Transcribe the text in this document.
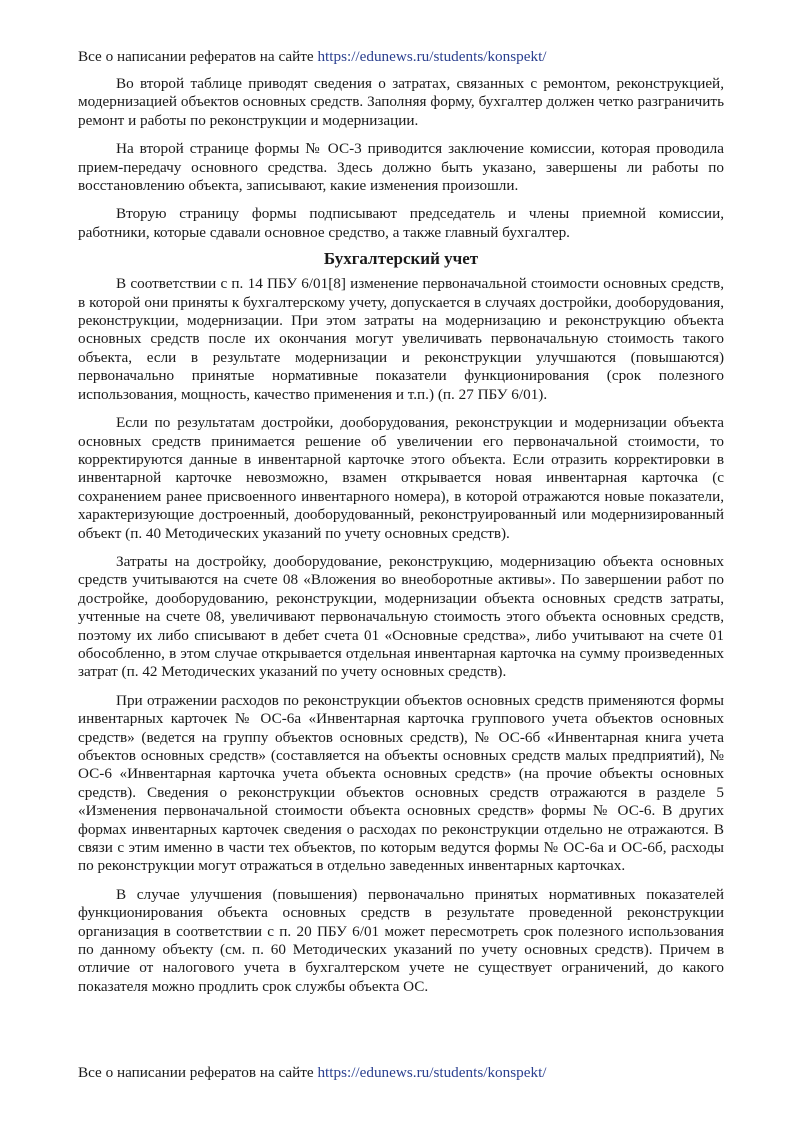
Все о написании рефератов на сайте https://edunews.ru/students/konspekt/

Во второй таблице приводят сведения о затратах, связанных с ремонтом, реконструкцией, модернизацией объектов основных средств. Заполняя форму, бухгалтер должен четко разграничить ремонт и работы по реконструкции и модернизации.

На второй странице формы № ОС-3 приводится заключение комиссии, которая проводила прием-передачу основного средства. Здесь должно быть указано, завершены ли работы по восстановлению объекта, записывают, какие изменения произошли.

Вторую страницу формы подписывают председатель и члены приемной комиссии, работники, которые сдавали основное средство, а также главный бухгалтер.

Бухгалтерский учет

В соответствии с п. 14 ПБУ 6/01[8] изменение первоначальной стоимости основных средств, в которой они приняты к бухгалтерскому учету, допускается в случаях достройки, дооборудования, реконструкции, модернизации. При этом затраты на модернизацию и реконструкцию объекта основных средств после их окончания могут увеличивать первоначальную стоимость такого объекта, если в результате модернизации и реконструкции улучшаются (повышаются) первоначально принятые нормативные показатели функционирования (срок полезного использования, мощность, качество применения и т.п.) (п. 27 ПБУ 6/01).

Если по результатам достройки, дооборудования, реконструкции и модернизации объекта основных средств принимается решение об увеличении его первоначальной стоимости, то корректируются данные в инвентарной карточке этого объекта. Если отразить корректировки в инвентарной карточке невозможно, взамен открывается новая инвентарная карточка (с сохранением ранее присвоенного инвентарного номера), в которой отражаются новые показатели, характеризующие достроенный, дооборудованный, реконструированный или модернизированный объект (п. 40 Методических указаний по учету основных средств).

Затраты на достройку, дооборудование, реконструкцию, модернизацию объекта основных средств учитываются на счете 08 «Вложения во внеоборотные активы». По завершении работ по достройке, дооборудованию, реконструкции, модернизации объекта основных средств затраты, учтенные на счете 08, увеличивают первоначальную стоимость этого объекта основных средств, поэтому их либо списывают в дебет счета 01 «Основные средства», либо учитывают на счете 01 обособленно, в этом случае открывается отдельная инвентарная карточка на сумму произведенных затрат (п. 42 Методических указаний по учету основных средств).

При отражении расходов по реконструкции объектов основных средств применяются формы инвентарных карточек № ОС-6а «Инвентарная карточка группового учета объектов основных средств» (ведется на группу объектов основных средств), № ОС-6б «Инвентарная книга учета объектов основных средств» (составляется на объекты основных средств малых предприятий), № ОС-6 «Инвентарная карточка учета объекта основных средств» (на прочие объекты основных средств). Сведения о реконструкции объектов основных средств отражаются в разделе 5 «Изменения первоначальной стоимости объекта основных средств» формы № ОС-6. В других формах инвентарных карточек сведения о расходах по реконструкции отдельно не отражаются. В связи с этим именно в части тех объектов, по которым ведутся формы № ОС-6а и ОС-6б, расходы по реконструкции могут отражаться в отдельно заведенных инвентарных карточках.

В случае улучшения (повышения) первоначально принятых нормативных показателей функционирования объекта основных средств в результате проведенной реконструкции организация в соответствии с п. 20 ПБУ 6/01 может пересмотреть срок полезного использования по данному объекту (см. п. 60 Методических указаний по учету основных средств). Причем в отличие от налогового учета в бухгалтерском учете не существует ограничений, до какого показателя можно продлить срок службы объекта ОС.

Все о написании рефератов на сайте https://edunews.ru/students/konspekt/
